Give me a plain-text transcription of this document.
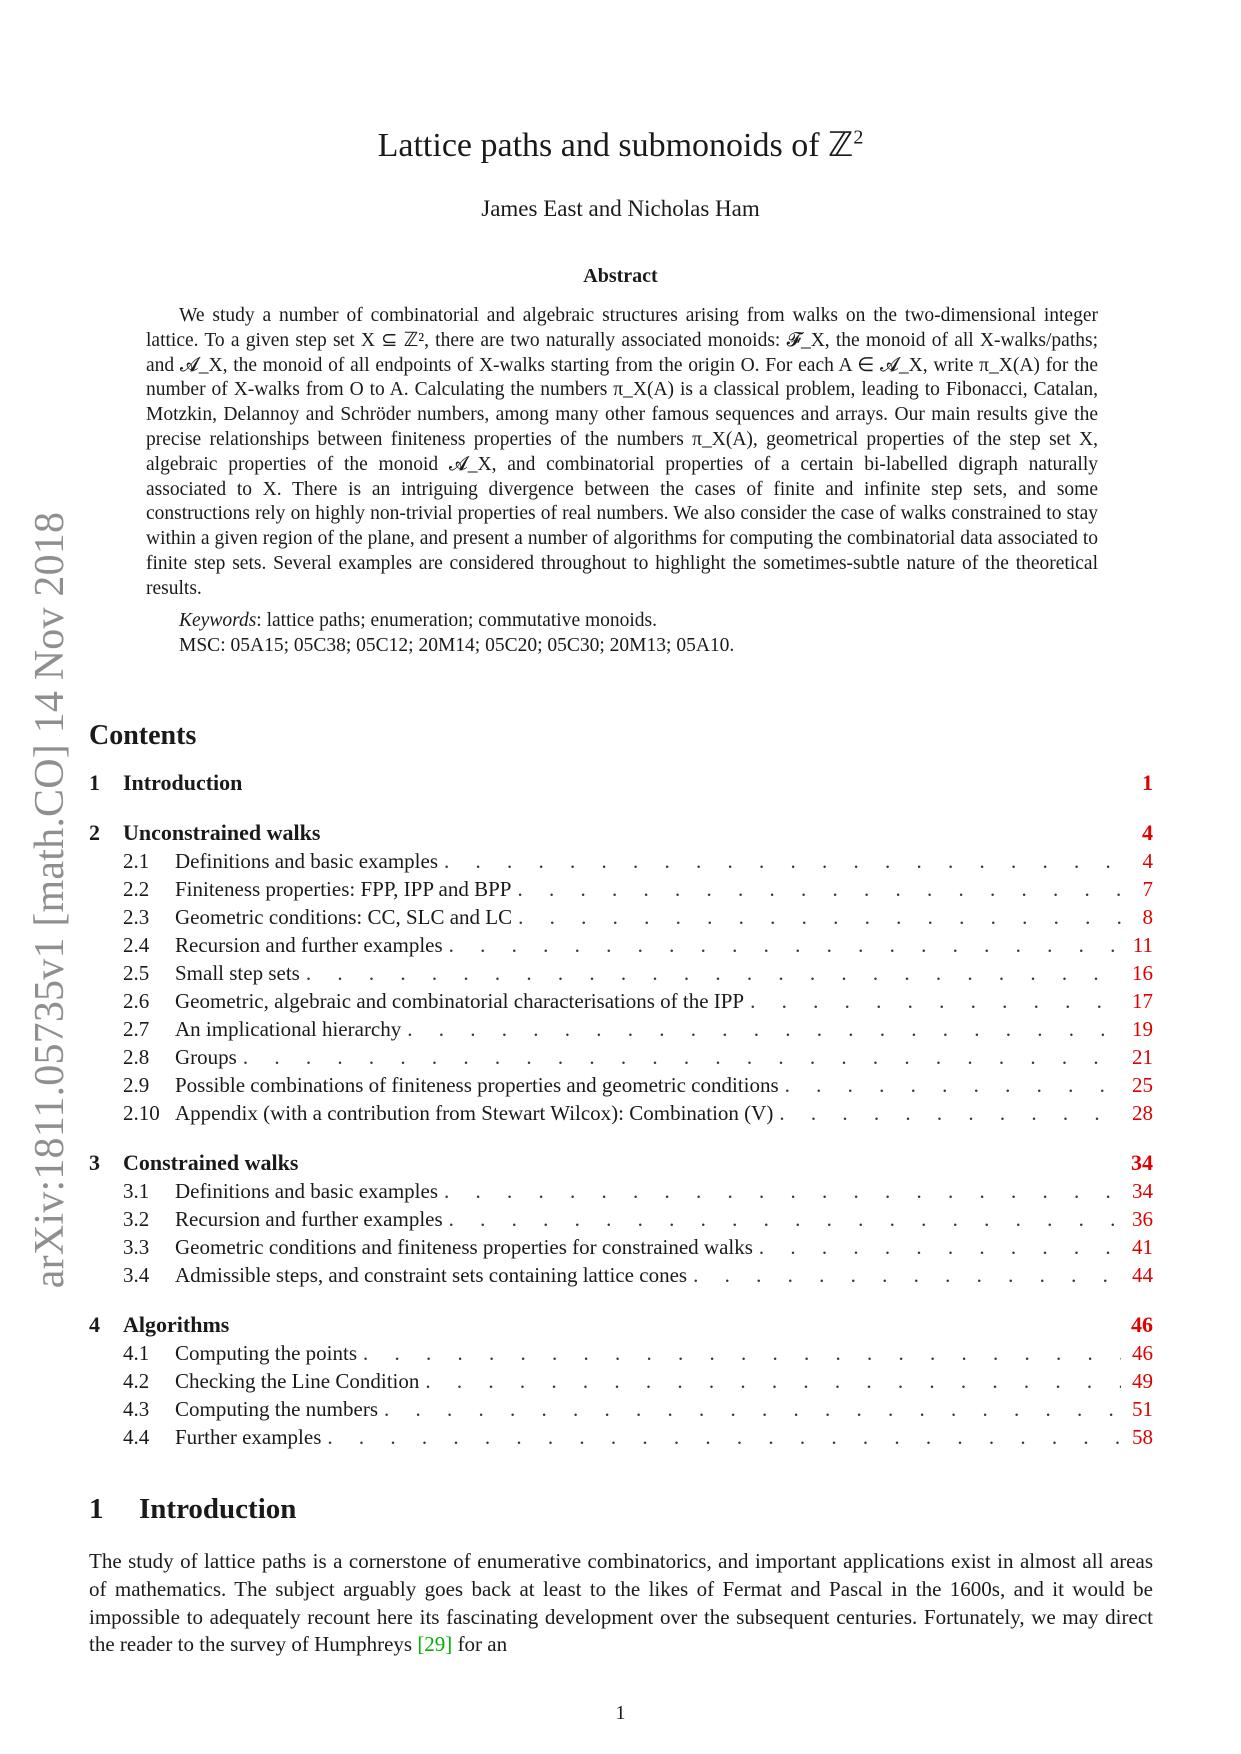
arXiv:1811.05735v1 [math.CO] 14 Nov 2018
Lattice paths and submonoids of ℤ$^2$
James East and Nicholas Ham
Abstract

We study a number of combinatorial and algebraic structures arising from walks on the two-dimensional integer lattice. To a given step set X ⊆ ℤ², there are two naturally associated monoids: 𝓕_X, the monoid of all X-walks/paths; and 𝓐_X, the monoid of all endpoints of X-walks starting from the origin O. For each A ∈ 𝓐_X, write π_X(A) for the number of X-walks from O to A. Calculating the numbers π_X(A) is a classical problem, leading to Fibonacci, Catalan, Motzkin, Delannoy and Schröder numbers, among many other famous sequences and arrays. Our main results give the precise relationships between finiteness properties of the numbers π_X(A), geometrical properties of the step set X, algebraic properties of the monoid 𝓐_X, and combinatorial properties of a certain bi-labelled digraph naturally associated to X. There is an intriguing divergence between the cases of finite and infinite step sets, and some constructions rely on highly non-trivial properties of real numbers. We also consider the case of walks constrained to stay within a given region of the plane, and present a number of algorithms for computing the combinatorial data associated to finite step sets. Several examples are considered throughout to highlight the sometimes-subtle nature of the theoretical results.

Keywords: lattice paths; enumeration; commutative monoids.
MSC: 05A15; 05C38; 05C12; 20M14; 05C20; 05C30; 20M13; 05A10.
Contents
1	Introduction	1
2	Unconstrained walks	4
2.1	Definitions and basic examples . . .	4
2.2	Finiteness properties: FPP, IPP and BPP . . .	7
2.3	Geometric conditions: CC, SLC and LC . . .	8
2.4	Recursion and further examples . . .	11
2.5	Small step sets . . .	16
2.6	Geometric, algebraic and combinatorial characterisations of the IPP . . .	17
2.7	An implicational hierarchy . . .	19
2.8	Groups . . .	21
2.9	Possible combinations of finiteness properties and geometric conditions . . .	25
2.10 Appendix (with a contribution from Stewart Wilcox): Combination (V) . . .	28
3	Constrained walks	34
3.1	Definitions and basic examples . . .	34
3.2	Recursion and further examples . . .	36
3.3	Geometric conditions and finiteness properties for constrained walks . . .	41
3.4	Admissible steps, and constraint sets containing lattice cones . . .	44
4	Algorithms	46
4.1	Computing the points . . .	46
4.2	Checking the Line Condition . . .	49
4.3	Computing the numbers . . .	51
4.4	Further examples . . .	58
1 Introduction

The study of lattice paths is a cornerstone of enumerative combinatorics, and important applications exist in almost all areas of mathematics. The subject arguably goes back at least to the likes of Fermat and Pascal in the 1600s, and it would be impossible to adequately recount here its fascinating development over the subsequent centuries. Fortunately, we may direct the reader to the survey of Humphreys [29] for an

1
